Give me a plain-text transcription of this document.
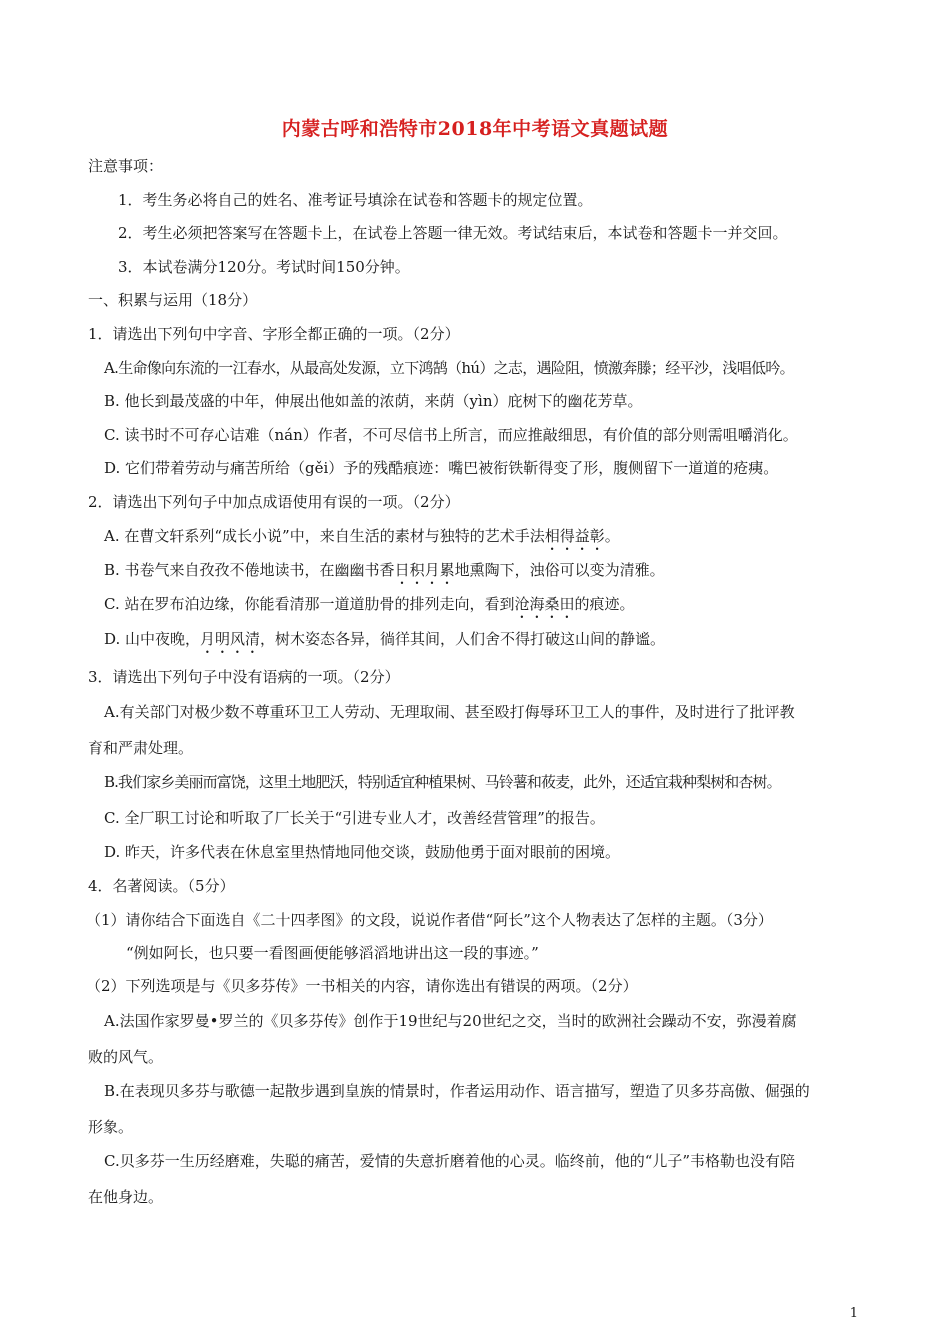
内蒙古呼和浩特市2018年中考语文真题试题
注意事项：
1．考生务必将自己的姓名、准考证号填涂在试卷和答题卡的规定位置。
2．考生必须把答案写在答题卡上，在试卷上答题一律无效。考试结束后，本试卷和答题卡一并交回。
3．本试卷满分120分。考试时间150分钟。
一、积累与运用（18分）
1．请选出下列句中字音、字形全都正确的一项。（2分）
A.生命像向东流的一江春水，从最高处发源，立下鸿鹄（hú）之志，遇险阻，愤激奔滕；经平沙，浅唱低吟。
B. 他长到最茂盛的中年，伸展出他如盖的浓荫，来荫（yìn）庇树下的幽花芳草。
C. 读书时不可存心诘难（nán）作者，不可尽信书上所言，而应推敲细思，有价值的部分则需咀嚼消化。
D. 它们带着劳动与痛苦所给（gěi）予的残酷痕迹：嘴巴被衔铁靳得变了形，腹侧留下一道道的疮痍。
2．请选出下列句子中加点成语使用有误的一项。（2分）
A. 在曹文轩系列“成长小说”中，来自生活的素材与独特的艺术手法相得益彰。
B. 书卷气来自孜孜不倦地读书，在幽幽书香日积月累地熏陶下，浊俗可以变为清雅。
C. 站在罗布泊边缘，你能看清那一道道肋骨的排列走向，看到沧海桑田的痕迹。
D. 山中夜晚，月明风清，树木姿态各异，徜徉其间，人们舍不得打破这山间的静谧。
3．请选出下列句子中没有语病的一项。（2分）
A.有关部门对极少数不尊重环卫工人劳动、无理取闹、甚至殴打侮辱环卫工人的事件，及时进行了批评教
育和严肃处理。
B.我们家乡美丽而富饶，这里土地肥沃，特别适宜种植果树、马铃薯和莜麦，此外，还适宜栽种梨树和杏树。
C. 全厂职工讨论和听取了厂长关于“引进专业人才，改善经营管理”的报告。
D. 昨天，许多代表在休息室里热情地同他交谈，鼓励他勇于面对眼前的困境。
4．名著阅读。（5分）
（1）请你结合下面选自《二十四孝图》的文段，说说作者借“阿长”这个人物表达了怎样的主题。（3分）
“例如阿长，也只要一看图画便能够滔滔地讲出这一段的事迹。”
（2）下列选项是与《贝多芬传》一书相关的内容，请你选出有错误的两项。（2分）
A.法国作家罗曼•罗兰的《贝多芬传》创作于19世纪与20世纪之交，当时的欧洲社会躁动不安，弥漫着腐
败的风气。
B.在表现贝多芬与歌德一起散步遇到皇族的情景时，作者运用动作、语言描写，塑造了贝多芬高傲、倔强的
形象。
C.贝多芬一生历经磨难，失聪的痛苦，爱情的失意折磨着他的心灵。临终前，他的“儿子”韦格勒也没有陪
在他身边。
1
